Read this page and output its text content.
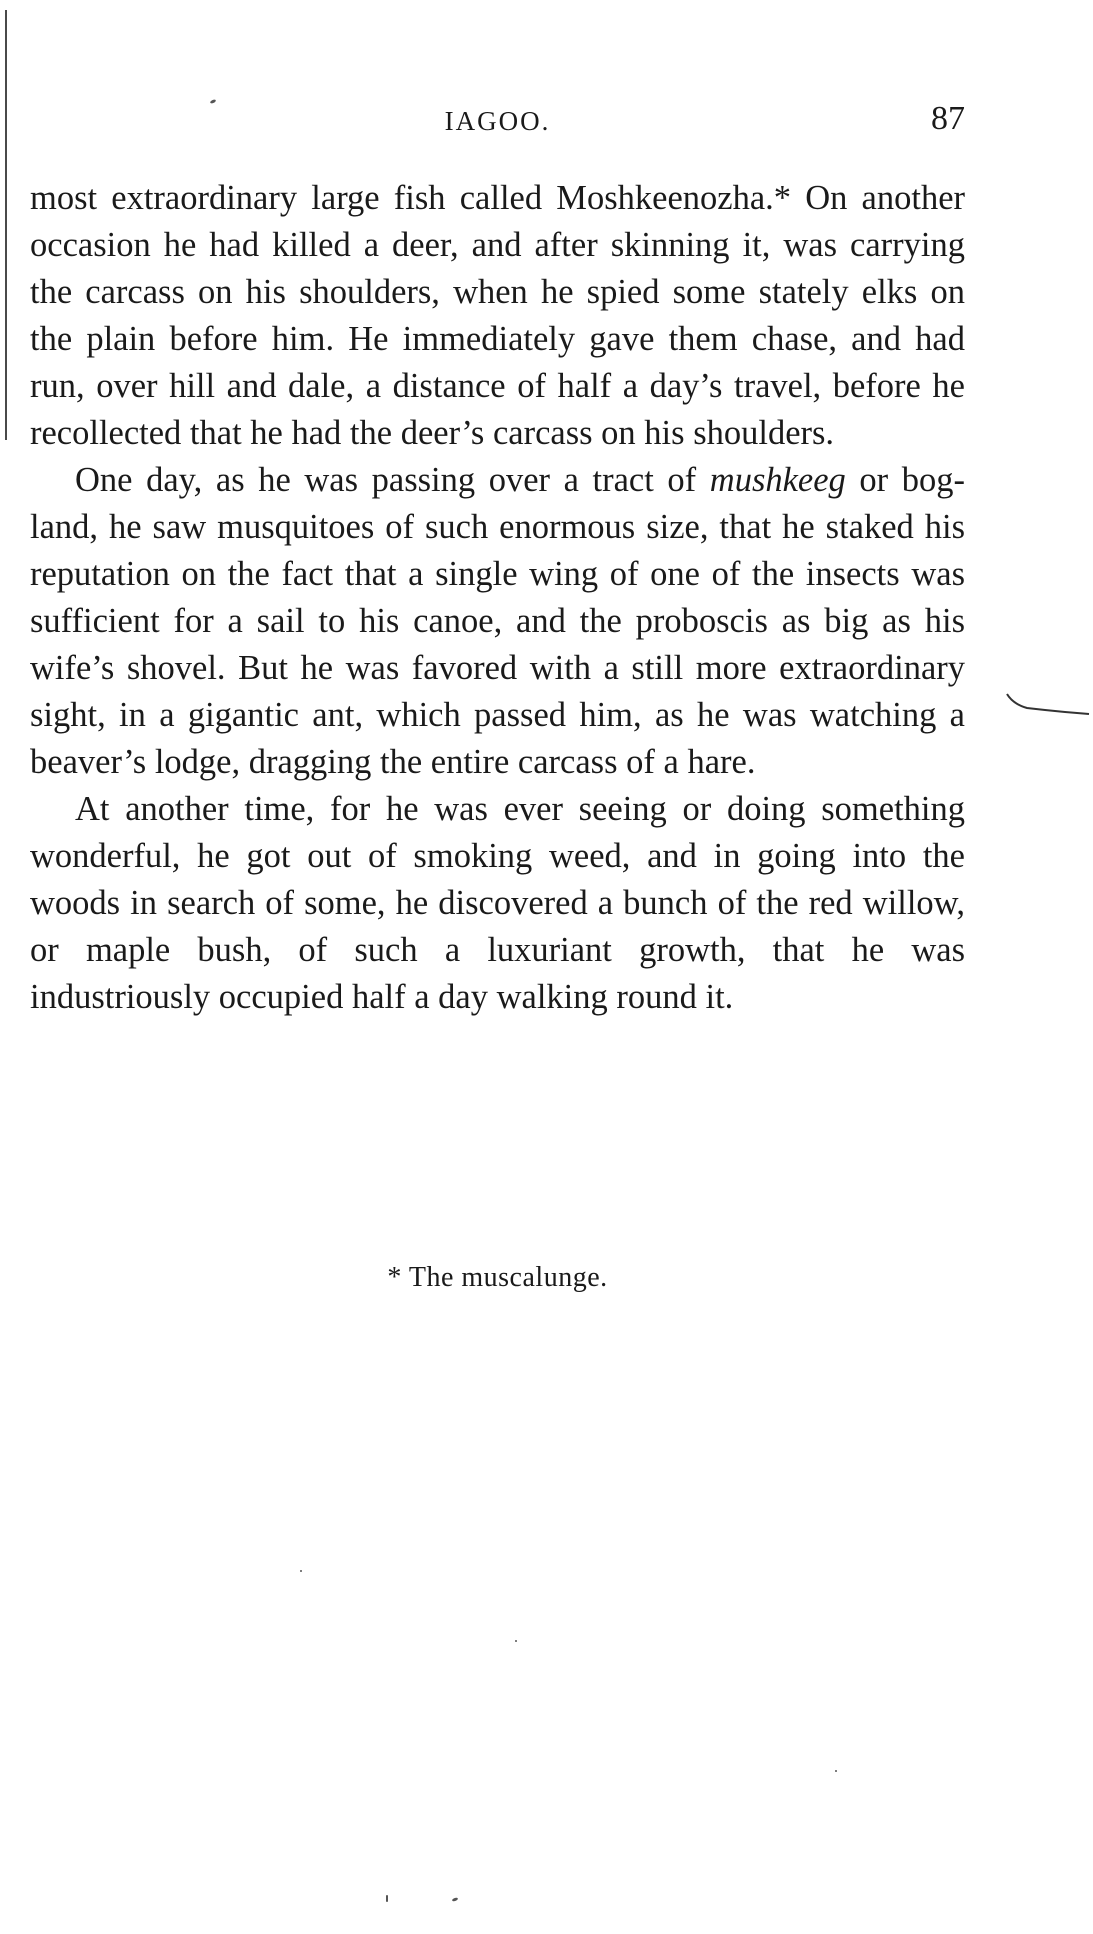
IAGOO.	87

most extraordinary large fish called Moshkeenozha.* On another occasion he had killed a deer, and after skinning it, was carrying the carcass on his shoulders, when he spied some stately elks on the plain before him. He immediately gave them chase, and had run, over hill and dale, a distance of half a day’s travel, before he recollected that he had the deer’s carcass on his shoulders.

One day, as he was passing over a tract of mushkeeg or bog-land, he saw musquitoes of such enormous size, that he staked his reputation on the fact that a single wing of one of the insects was sufficient for a sail to his canoe, and the proboscis as big as his wife’s shovel. But he was favored with a still more extraordinary sight, in a gigantic ant, which passed him, as he was watching a beaver’s lodge, dragging the entire carcass of a hare.

At another time, for he was ever seeing or doing something wonderful, he got out of smoking weed, and in going into the woods in search of some, he discovered a bunch of the red willow, or maple bush, of such a luxuriant growth, that he was industriously occupied half a day walking round it.

* The muscalunge.
